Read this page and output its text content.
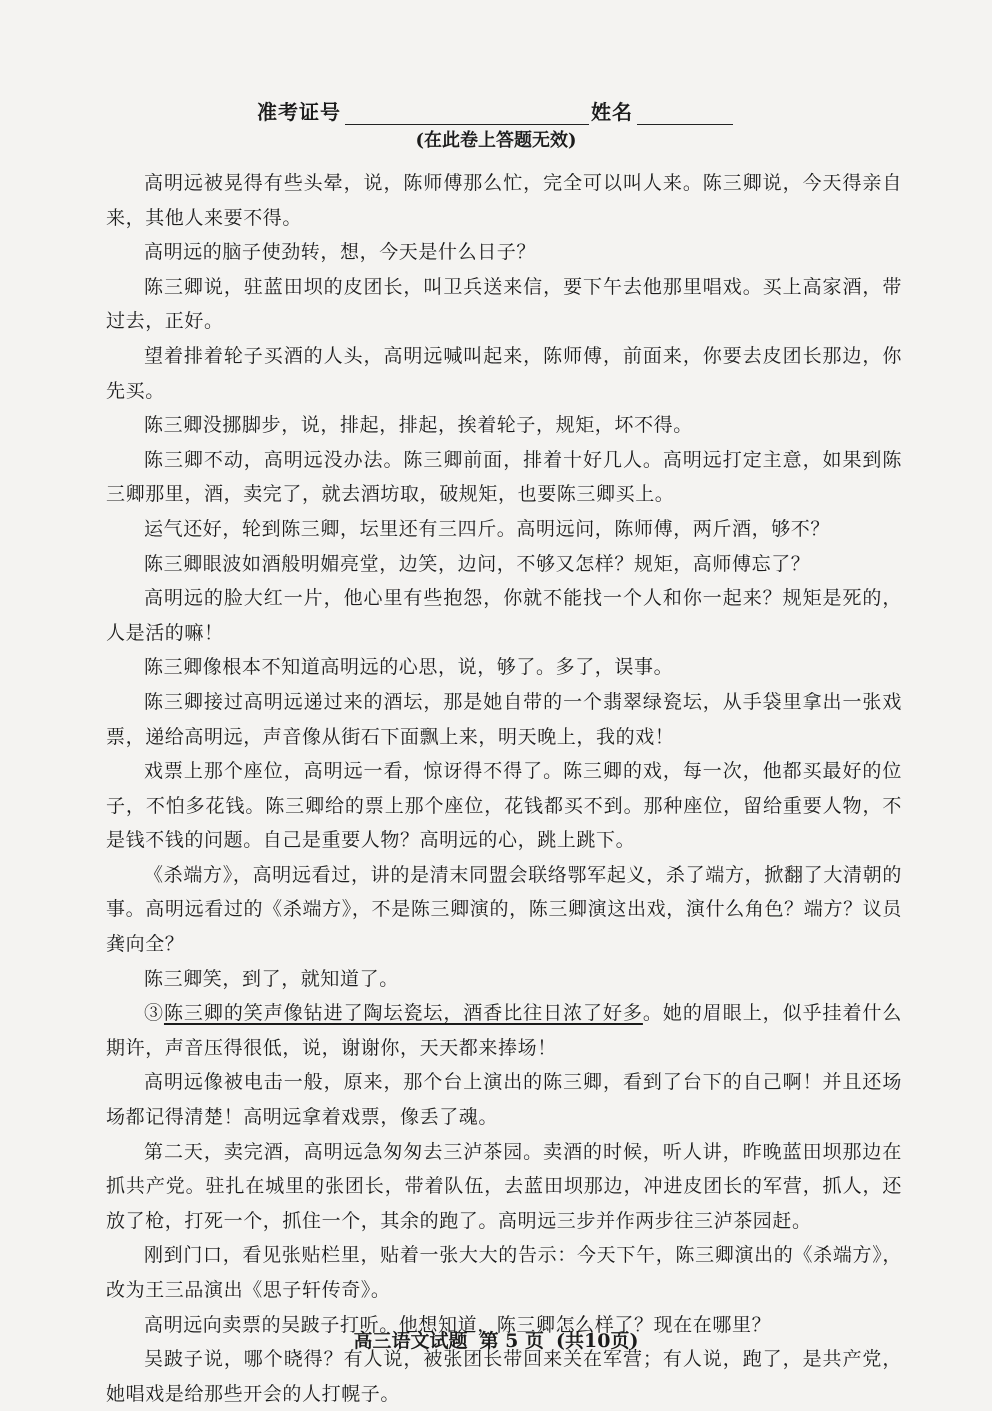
准考证号	姓名
(在此卷上答题无效)

高明远被晃得有些头晕，说，陈师傅那么忙，完全可以叫人来。陈三卿说，今天得亲自来，其他人来要不得。

高明远的脑子使劲转，想，今天是什么日子？

陈三卿说，驻蓝田坝的皮团长，叫卫兵送来信，要下午去他那里唱戏。买上高家酒，带过去，正好。

望着排着轮子买酒的人头，高明远喊叫起来，陈师傅，前面来，你要去皮团长那边，你先买。

陈三卿没挪脚步，说，排起，排起，挨着轮子，规矩，坏不得。

陈三卿不动，高明远没办法。陈三卿前面，排着十好几人。高明远打定主意，如果到陈三卿那里，酒，卖完了，就去酒坊取，破规矩，也要陈三卿买上。

运气还好，轮到陈三卿，坛里还有三四斤。高明远问，陈师傅，两斤酒，够不？

陈三卿眼波如酒般明媚亮堂，边笑，边问，不够又怎样？规矩，高师傅忘了？

高明远的脸大红一片，他心里有些抱怨，你就不能找一个人和你一起来？规矩是死的，人是活的嘛！

陈三卿像根本不知道高明远的心思，说，够了。多了，误事。

陈三卿接过高明远递过来的酒坛，那是她自带的一个翡翠绿瓷坛，从手袋里拿出一张戏票，递给高明远，声音像从街石下面飘上来，明天晚上，我的戏！

戏票上那个座位，高明远一看，惊讶得不得了。陈三卿的戏，每一次，他都买最好的位子，不怕多花钱。陈三卿给的票上那个座位，花钱都买不到。那种座位，留给重要人物，不是钱不钱的问题。自己是重要人物？高明远的心，跳上跳下。

《杀端方》，高明远看过，讲的是清末同盟会联络鄂军起义，杀了端方，掀翻了大清朝的事。高明远看过的《杀端方》，不是陈三卿演的，陈三卿演这出戏，演什么角色？端方？议员龚向全？

陈三卿笑，到了，就知道了。

③陈三卿的笑声像钻进了陶坛瓷坛，酒香比往日浓了好多。她的眉眼上，似乎挂着什么期许，声音压得很低，说，谢谢你，天天都来捧场！

高明远像被电击一般，原来，那个台上演出的陈三卿，看到了台下的自己啊！并且还场场都记得清楚！高明远拿着戏票，像丢了魂。

第二天，卖完酒，高明远急匆匆去三泸茶园。卖酒的时候，听人讲，昨晚蓝田坝那边在抓共产党。驻扎在城里的张团长，带着队伍，去蓝田坝那边，冲进皮团长的军营，抓人，还放了枪，打死一个，抓住一个，其余的跑了。高明远三步并作两步往三泸茶园赶。

刚到门口，看见张贴栏里，贴着一张大大的告示：今天下午，陈三卿演出的《杀端方》，改为王三品演出《思子轩传奇》。

高明远向卖票的吴跛子打听。他想知道，陈三卿怎么样了？现在在哪里？

吴跛子说，哪个晓得？有人说，被张团长带回来关在军营；有人说，跑了，是共产党，她唱戏是给那些开会的人打幌子。

高三语文试题 第 5 页 (共10页)
